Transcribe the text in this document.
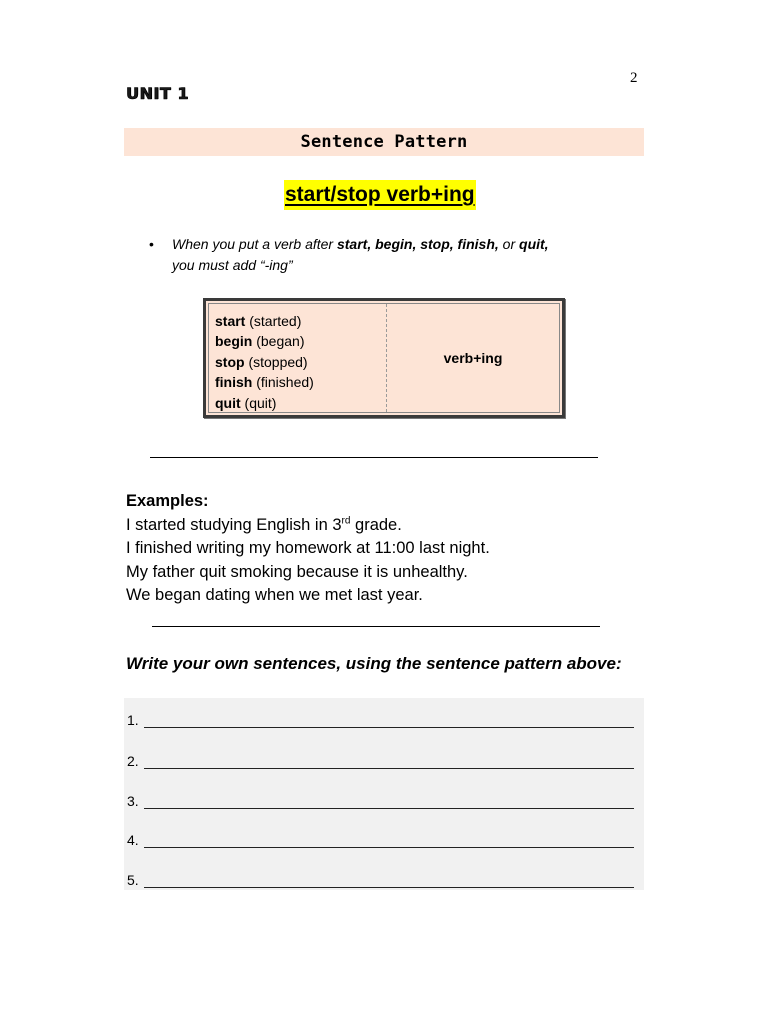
2
UNIT 1
Sentence Pattern
start/stop verb+ing
•	When you put a verb after start, begin, stop, finish, or quit,
you must add “-ing”
start (started)
begin (began)
stop (stopped)
finish (finished)
quit (quit)
verb+ing
Examples:
I started studying English in 3rd grade.
I finished writing my homework at 11:00 last night.
My father quit smoking because it is unhealthy.
We began dating when we met last year.
Write your own sentences, using the sentence pattern above:
1.
2.
3.
4.
5.
